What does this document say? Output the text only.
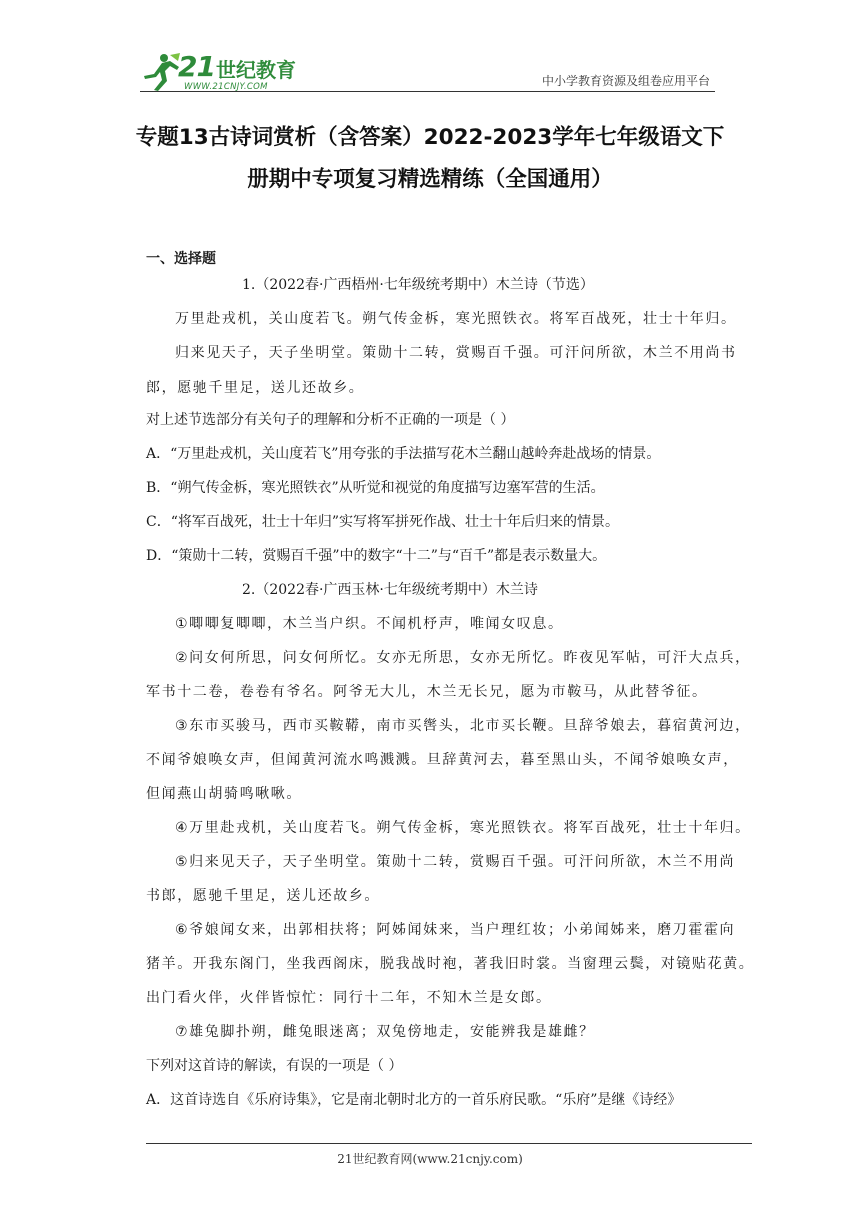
21 世纪教育
WWW.21CNJY.COM	中小学教育资源及组卷应用平台
专题13古诗词赏析（含答案）2022-2023学年七年级语文下
册期中专项复习精选精练（全国通用）
一、选择题
1.（2022春·广西梧州·七年级统考期中）木兰诗（节选）
万里赴戎机，关山度若飞。朔气传金柝，寒光照铁衣。将军百战死，壮士十年归。
归来见天子，天子坐明堂。策勋十二转，赏赐百千强。可汗问所欲，木兰不用尚书
郎，愿驰千里足，送儿还故乡。
对上述节选部分有关句子的理解和分析不正确的一项是（ ）
A．“万里赴戎机，关山度若飞”用夸张的手法描写花木兰翻山越岭奔赴战场的情景。
B．“朔气传金柝，寒光照铁衣”从听觉和视觉的角度描写边塞军营的生活。
C．“将军百战死，壮士十年归”实写将军拼死作战、壮士十年后归来的情景。
D．“策勋十二转，赏赐百千强”中的数字“十二”与“百千”都是表示数量大。
2.（2022春·广西玉林·七年级统考期中）木兰诗
①唧唧复唧唧，木兰当户织。不闻机杼声，唯闻女叹息。
②问女何所思，问女何所忆。女亦无所思，女亦无所忆。昨夜见军帖，可汗大点兵，
军书十二卷，卷卷有爷名。阿爷无大儿，木兰无长兄，愿为市鞍马，从此替爷征。
③东市买骏马，西市买鞍鞯，南市买辔头，北市买长鞭。旦辞爷娘去，暮宿黄河边，
不闻爷娘唤女声，但闻黄河流水鸣溅溅。旦辞黄河去，暮至黑山头，不闻爷娘唤女声，
但闻燕山胡骑鸣啾啾。
④万里赴戎机，关山度若飞。朔气传金柝，寒光照铁衣。将军百战死，壮士十年归。
⑤归来见天子，天子坐明堂。策勋十二转，赏赐百千强。可汗问所欲，木兰不用尚
书郎，愿驰千里足，送儿还故乡。
⑥爷娘闻女来，出郭相扶将；阿姊闻妹来，当户理红妆；小弟闻姊来，磨刀霍霍向
猪羊。开我东阁门，坐我西阁床，脱我战时袍，著我旧时裳。当窗理云鬓，对镜贴花黄。
出门看火伴，火伴皆惊忙：同行十二年，不知木兰是女郎。
⑦雄兔脚扑朔，雌兔眼迷离；双兔傍地走，安能辨我是雄雌？
下列对这首诗的解读，有误的一项是（ ）
A．这首诗选自《乐府诗集》，它是南北朝时北方的一首乐府民歌。“乐府”是继《诗经》
21世纪教育网(www.21cnjy.com)
